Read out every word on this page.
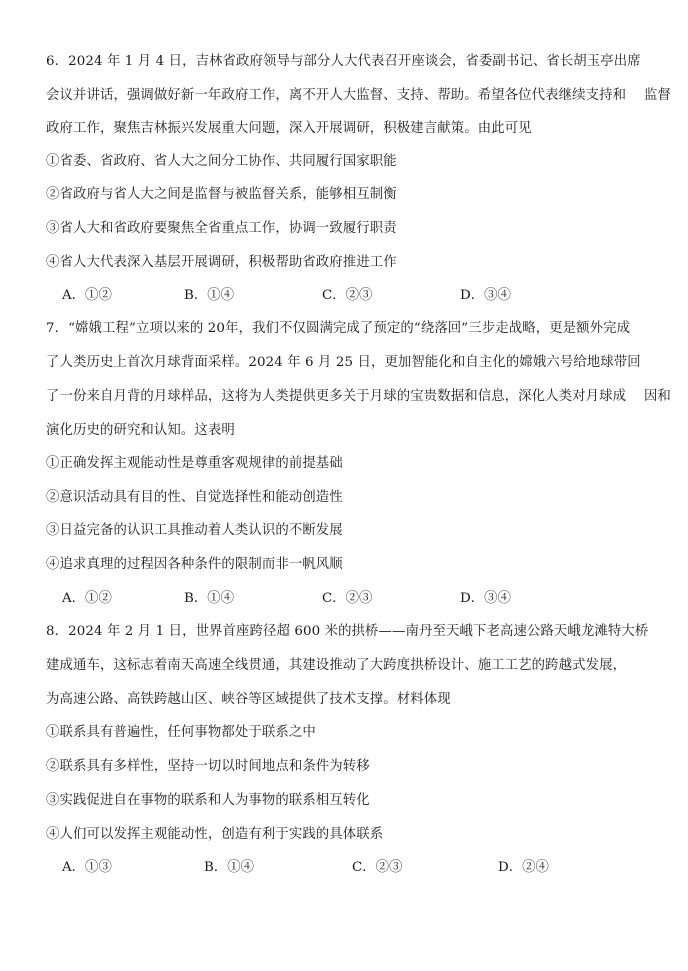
6．2024 年 1 月 4 日，吉林省政府领导与部分人大代表召开座谈会，省委副书记、省长胡玉亭出席
会议并讲话，强调做好新一年政府工作，离不开人大监督、支持、帮助。希望各位代表继续支持和　 监督
政府工作，聚焦吉林振兴发展重大问题，深入开展调研，积极建言献策。由此可见
①省委、省政府、省人大之间分工协作、共同履行国家职能
②省政府与省人大之间是监督与被监督关系，能够相互制衡
③省人大和省政府要聚焦全省重点工作，协调一致履行职责
④省人大代表深入基层开展调研，积极帮助省政府推进工作
A．①②	B．①④	C．②③	D．③④
7．“嫦娥工程”立项以来的 20年，我们不仅圆满完成了预定的“绕落回”三步走战略，更是额外完成
了人类历史上首次月球背面采样。2024 年 6 月 25 日，更加智能化和自主化的嫦娥六号给地球带回
了一份来自月背的月球样品，这将为人类提供更多关于月球的宝贵数据和信息，深化人类对月球成　 因和
演化历史的研究和认知。这表明
①正确发挥主观能动性是尊重客观规律的前提基础
②意识活动具有目的性、自觉选择性和能动创造性
③日益完备的认识工具推动着人类认识的不断发展
④追求真理的过程因各种条件的限制而非一帆风顺
A．①②	B．①④	C．②③	D．③④
8．2024 年 2 月 1 日，世界首座跨径超 600 米的拱桥——南丹至天峨下老高速公路天峨龙滩特大桥
建成通车，这标志着南天高速全线贯通，其建设推动了大跨度拱桥设计、施工工艺的跨越式发展，
为高速公路、高铁跨越山区、峡谷等区域提供了技术支撑。材料体现
①联系具有普遍性，任何事物都处于联系之中
②联系具有多样性，坚持一切以时间地点和条件为转移
③实践促进自在事物的联系和人为事物的联系相互转化
④人们可以发挥主观能动性，创造有利于实践的具体联系
A．①③	B．①④	C．②③	D．②④
